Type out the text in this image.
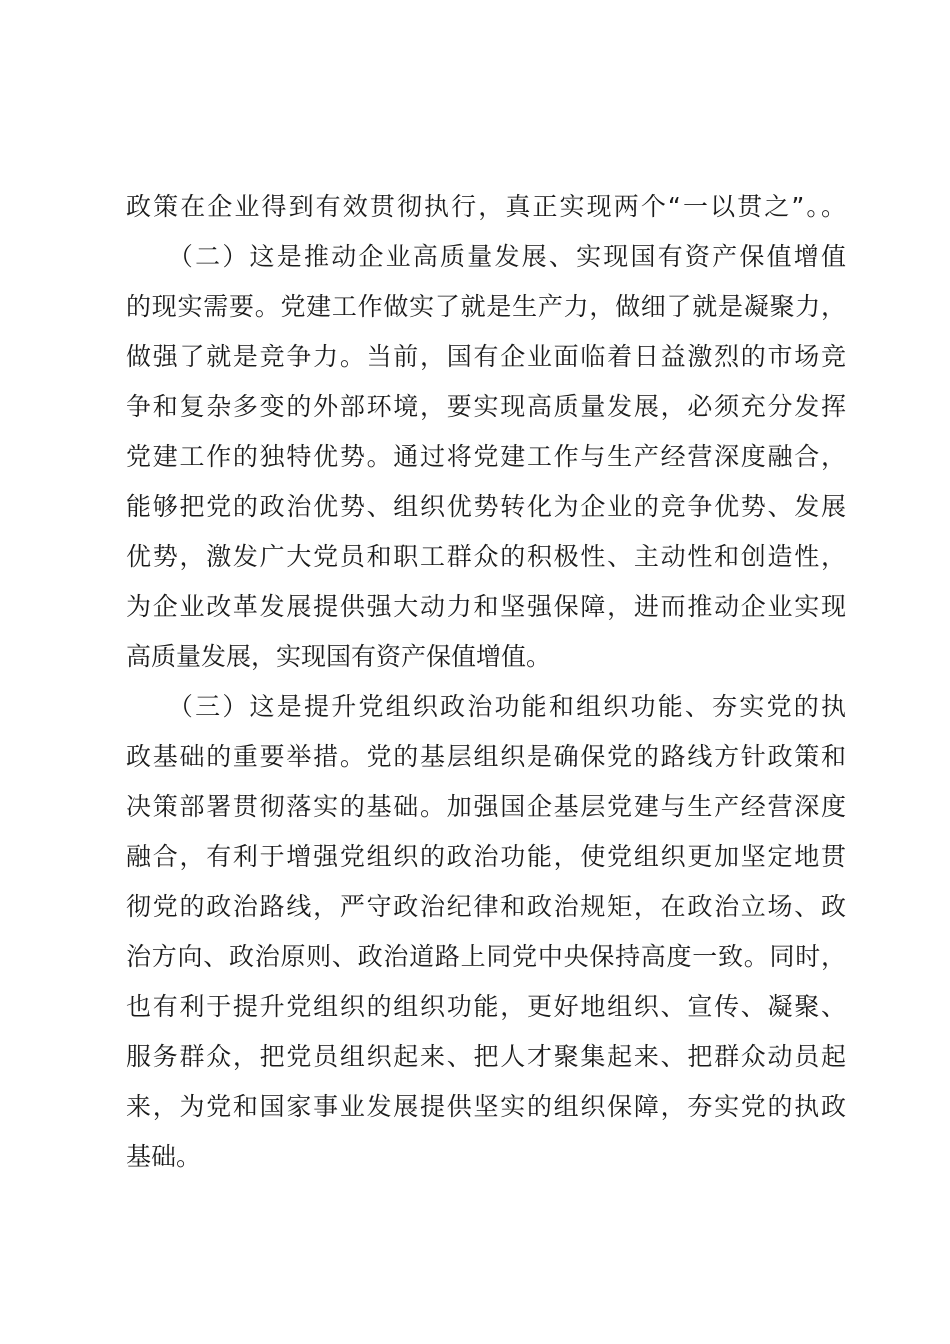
政策在企业得到有效贯彻执行，真正实现两个“一以贯之”。。
　　（二）这是推动企业高质量发展、实现国有资产保值增值
的现实需要。党建工作做实了就是生产力，做细了就是凝聚力，
做强了就是竞争力。当前，国有企业面临着日益激烈的市场竞
争和复杂多变的外部环境，要实现高质量发展，必须充分发挥
党建工作的独特优势。通过将党建工作与生产经营深度融合，
能够把党的政治优势、组织优势转化为企业的竞争优势、发展
优势，激发广大党员和职工群众的积极性、主动性和创造性，
为企业改革发展提供强大动力和坚强保障，进而推动企业实现
高质量发展，实现国有资产保值增值。
　　（三）这是提升党组织政治功能和组织功能、夯实党的执
政基础的重要举措。党的基层组织是确保党的路线方针政策和
决策部署贯彻落实的基础。加强国企基层党建与生产经营深度
融合，有利于增强党组织的政治功能，使党组织更加坚定地贯
彻党的政治路线，严守政治纪律和政治规矩，在政治立场、政
治方向、政治原则、政治道路上同党中央保持高度一致。同时，
也有利于提升党组织的组织功能，更好地组织、宣传、凝聚、
服务群众，把党员组织起来、把人才聚集起来、把群众动员起
来，为党和国家事业发展提供坚实的组织保障，夯实党的执政
基础。
